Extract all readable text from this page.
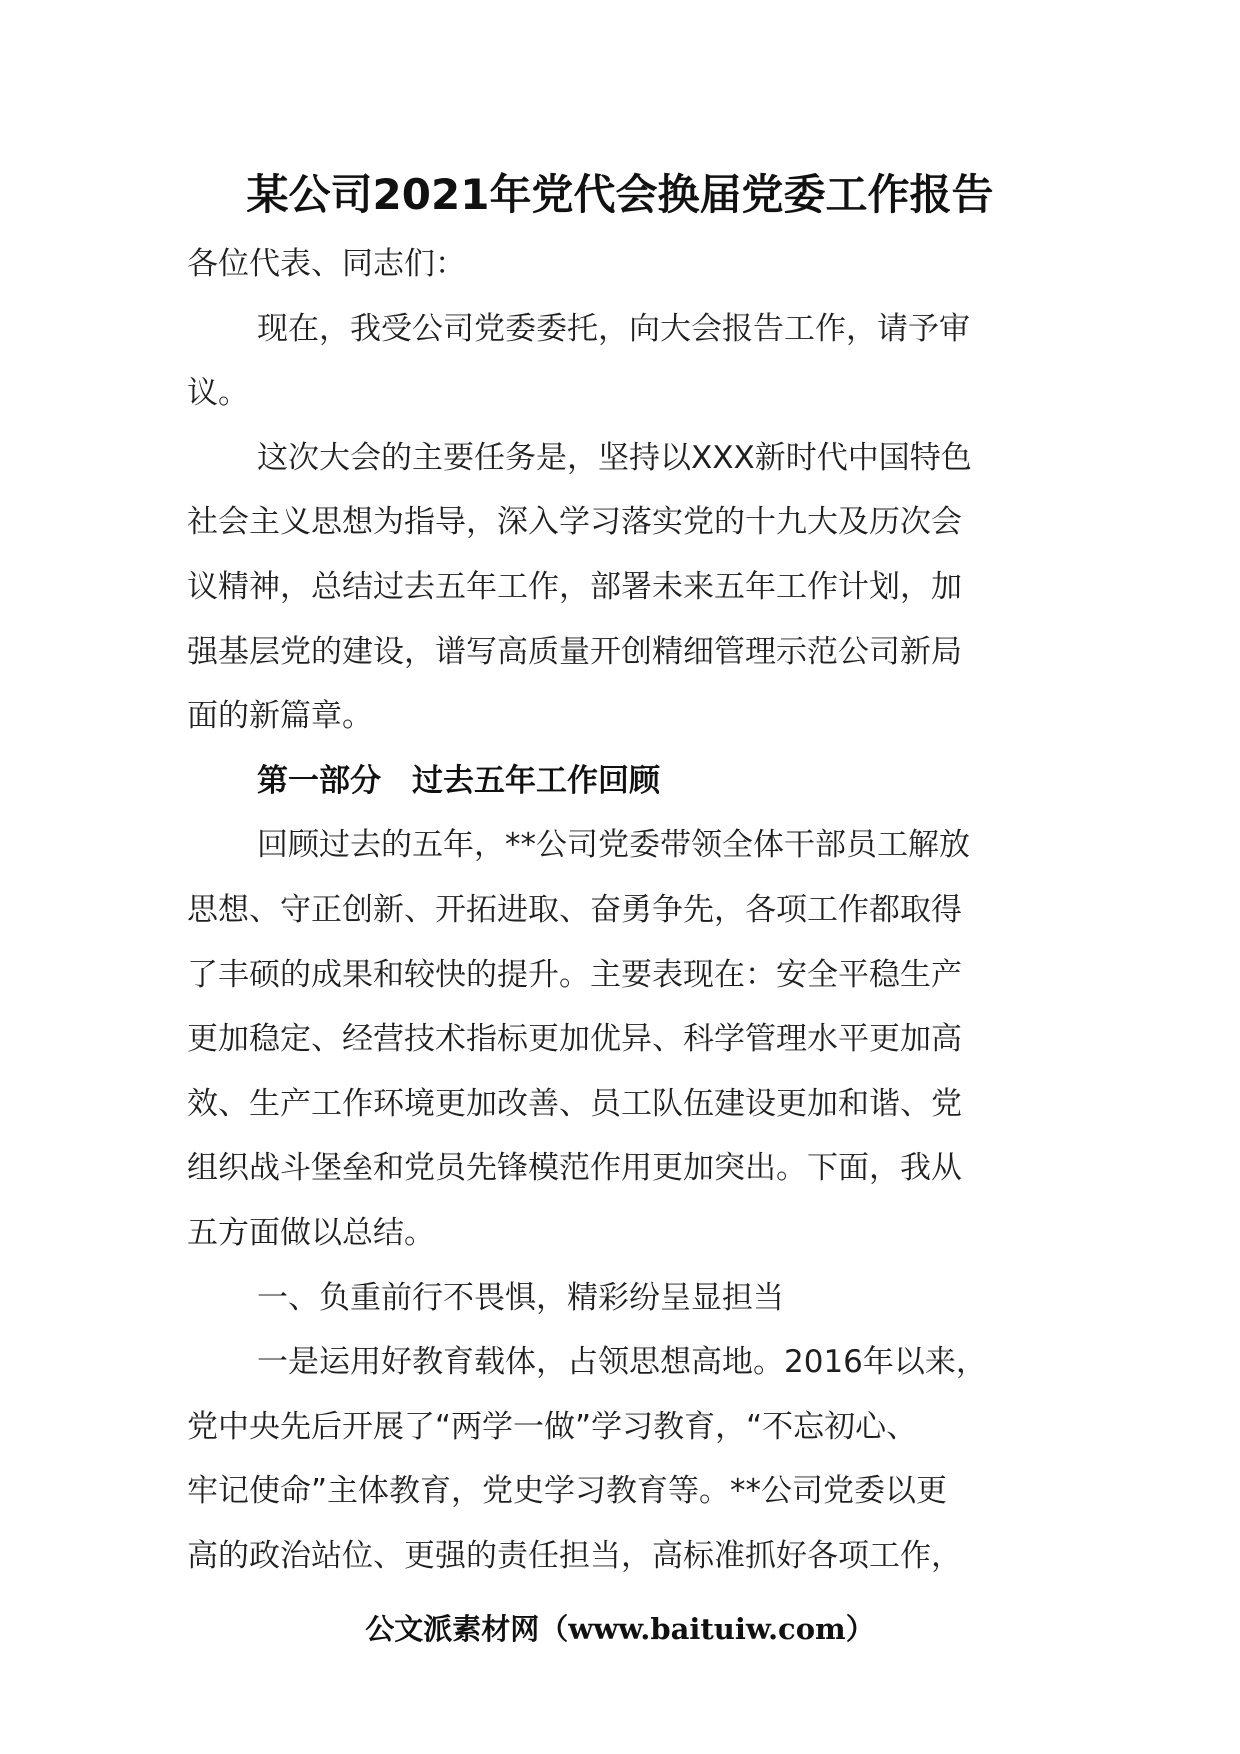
某公司2021年党代会换届党委工作报告
各位代表、同志们：
现在，我受公司党委委托，向大会报告工作，请予审
议。
这次大会的主要任务是，坚持以XXX新时代中国特色
社会主义思想为指导，深入学习落实党的十九大及历次会
议精神，总结过去五年工作，部署未来五年工作计划，加
强基层党的建设，谱写高质量开创精细管理示范公司新局
面的新篇章。
第一部分　过去五年工作回顾
回顾过去的五年，**公司党委带领全体干部员工解放
思想、守正创新、开拓进取、奋勇争先，各项工作都取得
了丰硕的成果和较快的提升。主要表现在：安全平稳生产
更加稳定、经营技术指标更加优异、科学管理水平更加高
效、生产工作环境更加改善、员工队伍建设更加和谐、党
组织战斗堡垒和党员先锋模范作用更加突出。下面，我从
五方面做以总结。
一、负重前行不畏惧，精彩纷呈显担当
一是运用好教育载体，占领思想高地。2016年以来，
党中央先后开展了“两学一做”学习教育，“不忘初心、
牢记使命”主体教育，党史学习教育等。**公司党委以更
高的政治站位、更强的责任担当，高标准抓好各项工作，
公文派素材网（www.baituiw.com）
